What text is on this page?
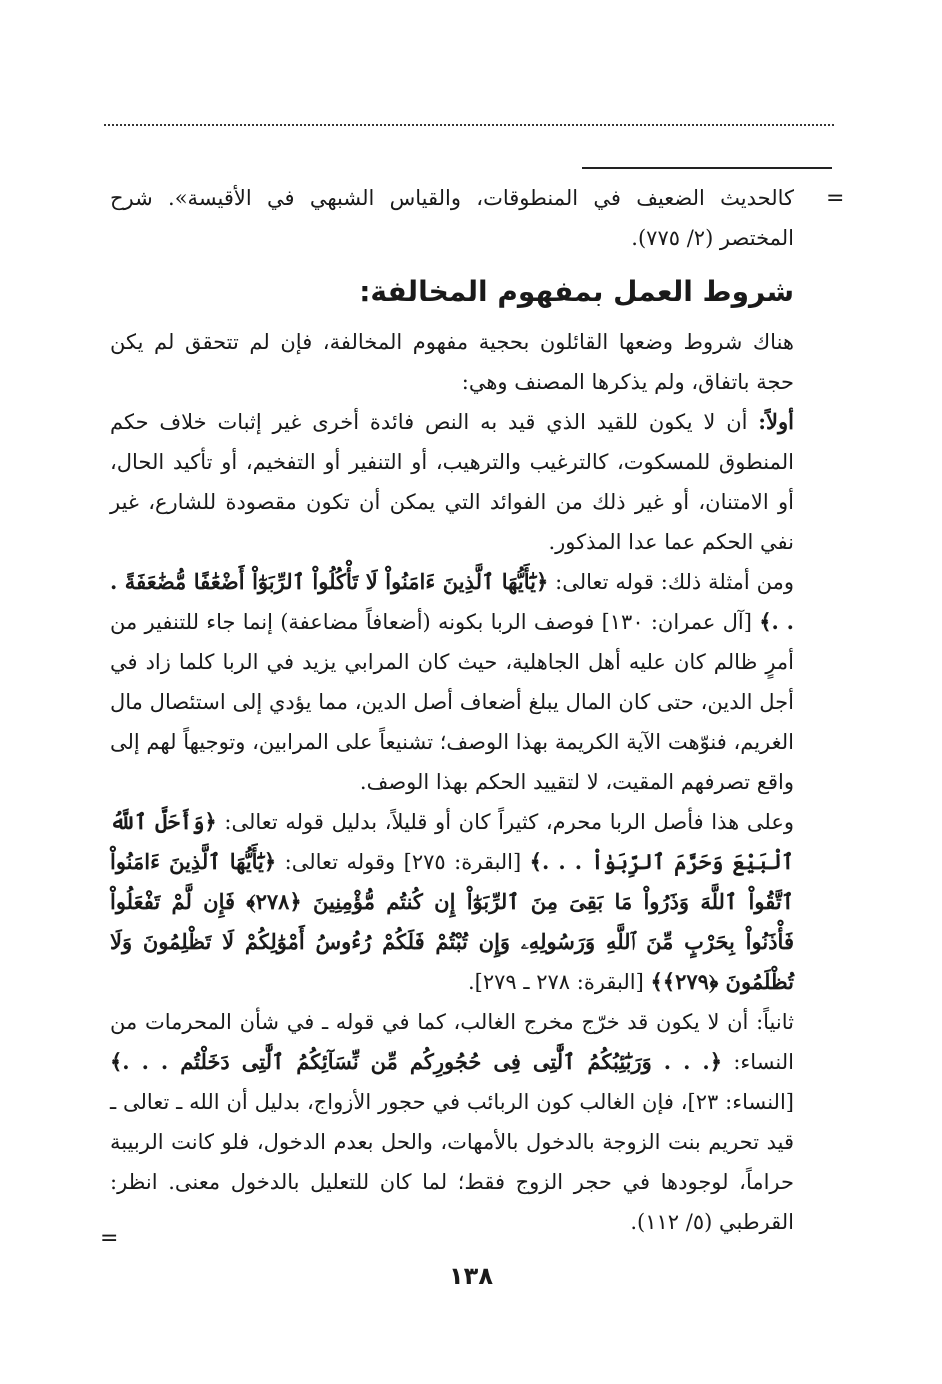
=

كالحديث الضعيف في المنطوقات، والقياس الشبهي في الأقيسة». شرح المختصر (٢/ ٧٧٥).

شروط العمل بمفهوم المخالفة:

هناك شروط وضعها القائلون بحجية مفهوم المخالفة، فإن لم تتحقق لم يكن حجة باتفاق، ولم يذكرها المصنف وهي:

أولاً: أن لا يكون للقيد الذي قيد به النص فائدة أخرى غير إثبات خلاف حكم المنطوق للمسكوت، كالترغيب والترهيب، أو التنفير أو التفخيم، أو تأكيد الحال، أو الامتنان، أو غير ذلك من الفوائد التي يمكن أن تكون مقصودة للشارع، غير نفي الحكم عما عدا المذكور.

ومن أمثلة ذلك: قوله تعالى: ﴿يَٰٓأَيُّهَا ٱلَّذِينَ ءَامَنُواْ لَا تَأْكُلُواْ ٱلرِّبَوٰٓاْ أَضْعَٰفًا مُّضَٰعَفَةً . . .﴾ [آل عمران: ١٣٠] فوصف الربا بكونه (أضعافاً مضاعفة) إنما جاء للتنفير من أمرٍ ظالم كان عليه أهل الجاهلية، حيث كان المرابي يزيد في الربا كلما زاد في أجل الدين، حتى كان المال يبلغ أضعاف أصل الدين، مما يؤدي إلى استئصال مال الغريم، فنوّهت الآية الكريمة بهذا الوصف؛ تشنيعاً على المرابين، وتوجيهاً لهم إلى واقع تصرفهم المقيت، لا لتقييد الحكم بهذا الوصف.

وعلى هذا فأصل الربا محرم، كثيراً كان أو قليلاً، بدليل قوله تعالى: ﴿وَأَحَلَّ ٱللَّهُ ٱلْبَيْعَ وَحَرَّمَ ٱلرِّبَوٰاْ . . .﴾ [البقرة: ٢٧٥] وقوله تعالى: ﴿يَٰٓأَيُّهَا ٱلَّذِينَ ءَامَنُواْ ٱتَّقُواْ ٱللَّهَ وَذَرُواْ مَا بَقِىَ مِنَ ٱلرِّبَوٰٓاْ إِن كُنتُم مُّؤْمِنِينَ ﴿٢٧٨﴾ فَإِن لَّمْ تَفْعَلُواْ فَأْذَنُواْ بِحَرْبٍ مِّنَ ٱللَّهِ وَرَسُولِهِۦ وَإِن تُبْتُمْ فَلَكُمْ رُءُوسُ أَمْوَٰلِكُمْ لَا تَظْلِمُونَ وَلَا تُظْلَمُونَ ﴿٢٧٩﴾﴾ [البقرة: ٢٧٨ ـ ٢٧٩].

ثانياً: أن لا يكون قد خرّج مخرج الغالب، كما في قوله ـ في شأن المحرمات من النساء: ﴿. . . وَرَبَٰٓئِبُكُمُ ٱلَّٰتِى فِى حُجُورِكُم مِّن نِّسَآئِكُمُ ٱلَّٰتِى دَخَلْتُم . . .﴾ [النساء: ٢٣]، فإن الغالب كون الربائب في حجور الأزواج، بدليل أن الله ـ تعالى ـ قيد تحريم بنت الزوجة بالدخول بالأمهات، والحل بعدم الدخول، فلو كانت الربيبة حراماً، لوجودها في حجر الزوج فقط؛ لما كان للتعليل بالدخول معنى. انظر: القرطبي (٥/ ١١٢).

=
١٣٨
